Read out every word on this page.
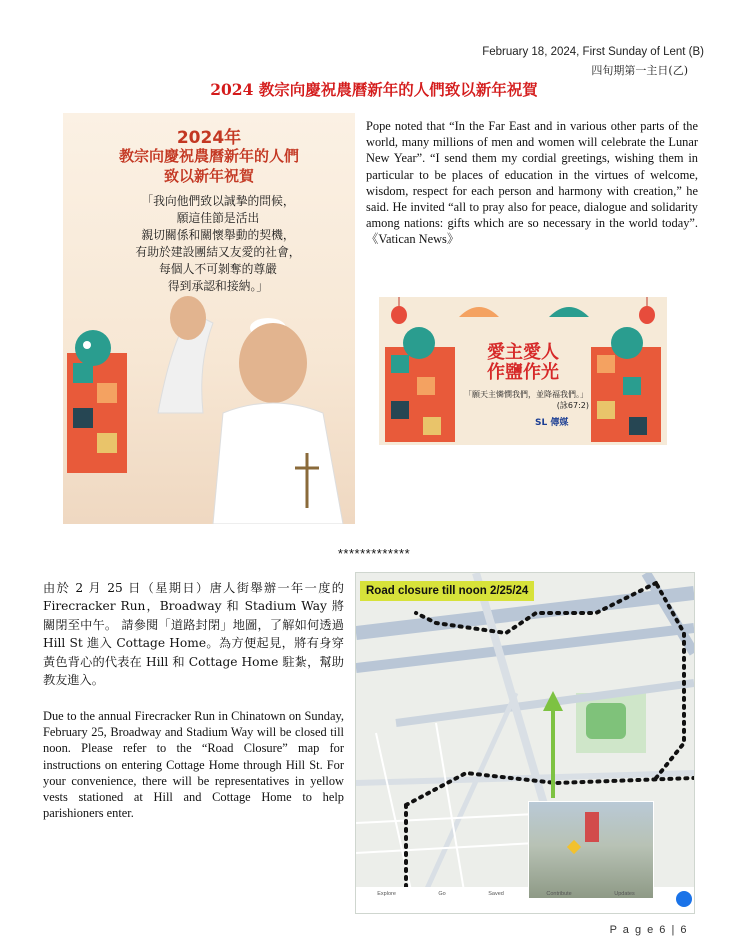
February 18, 2024, First Sunday of Lent (B)
四旬期第一主日(乙)
2024 教宗向慶祝農曆新年的人們致以新年祝賀
2024年
教宗向慶祝農曆新年的人們
致以新年祝賀
「我向他們致以誠摯的問候，
願這佳節是活出
親切關係和關懷舉動的契機，
有助於建設團結又友愛的社會，
每個人不可剝奪的尊嚴
得到承認和接納。」
Pope noted that “In the Far East and in various other parts of the world, many millions of men and women will celebrate the Lunar New Year”. “I send them my cordial greetings, wishing them in particular to be places of education in the virtues of welcome, wisdom, respect for each person and harmony with creation,” he said. He invited “all to pray also for peace, dialogue and solidarity among nations: gifts which are so necessary in the world today”. 《Vatican News》
愛主愛人
作鹽作光
「願天主憐憫我們，並降福我們。」
(詠67:2)
SL 傳媒
*************
由於 2 月 25 日（星期日）唐人街舉辦一年一度的 Firecracker Run，Broadway 和 Stadium Way 將關閉至中午。 請參閱「道路封閉」地圖，了解如何透過 Hill St 進入 Cottage Home。為方便起見，將有身穿黃色背心的代表在 Hill 和 Cottage Home 駐紮，幫助教友進入。
Due to the annual Firecracker Run in Chinatown on Sunday, February 25, Broadway and Stadium Way will be closed till noon. Please refer to the “Road Closure” map for instructions on entering Cottage Home through Hill St. For your convenience, there will be representatives in yellow vests stationed at Hill and Cottage Home to help parishioners enter.
Road closure till noon 2/25/24
Explore	Go	Saved	Contribute	Updates
P a g e 6 | 6
